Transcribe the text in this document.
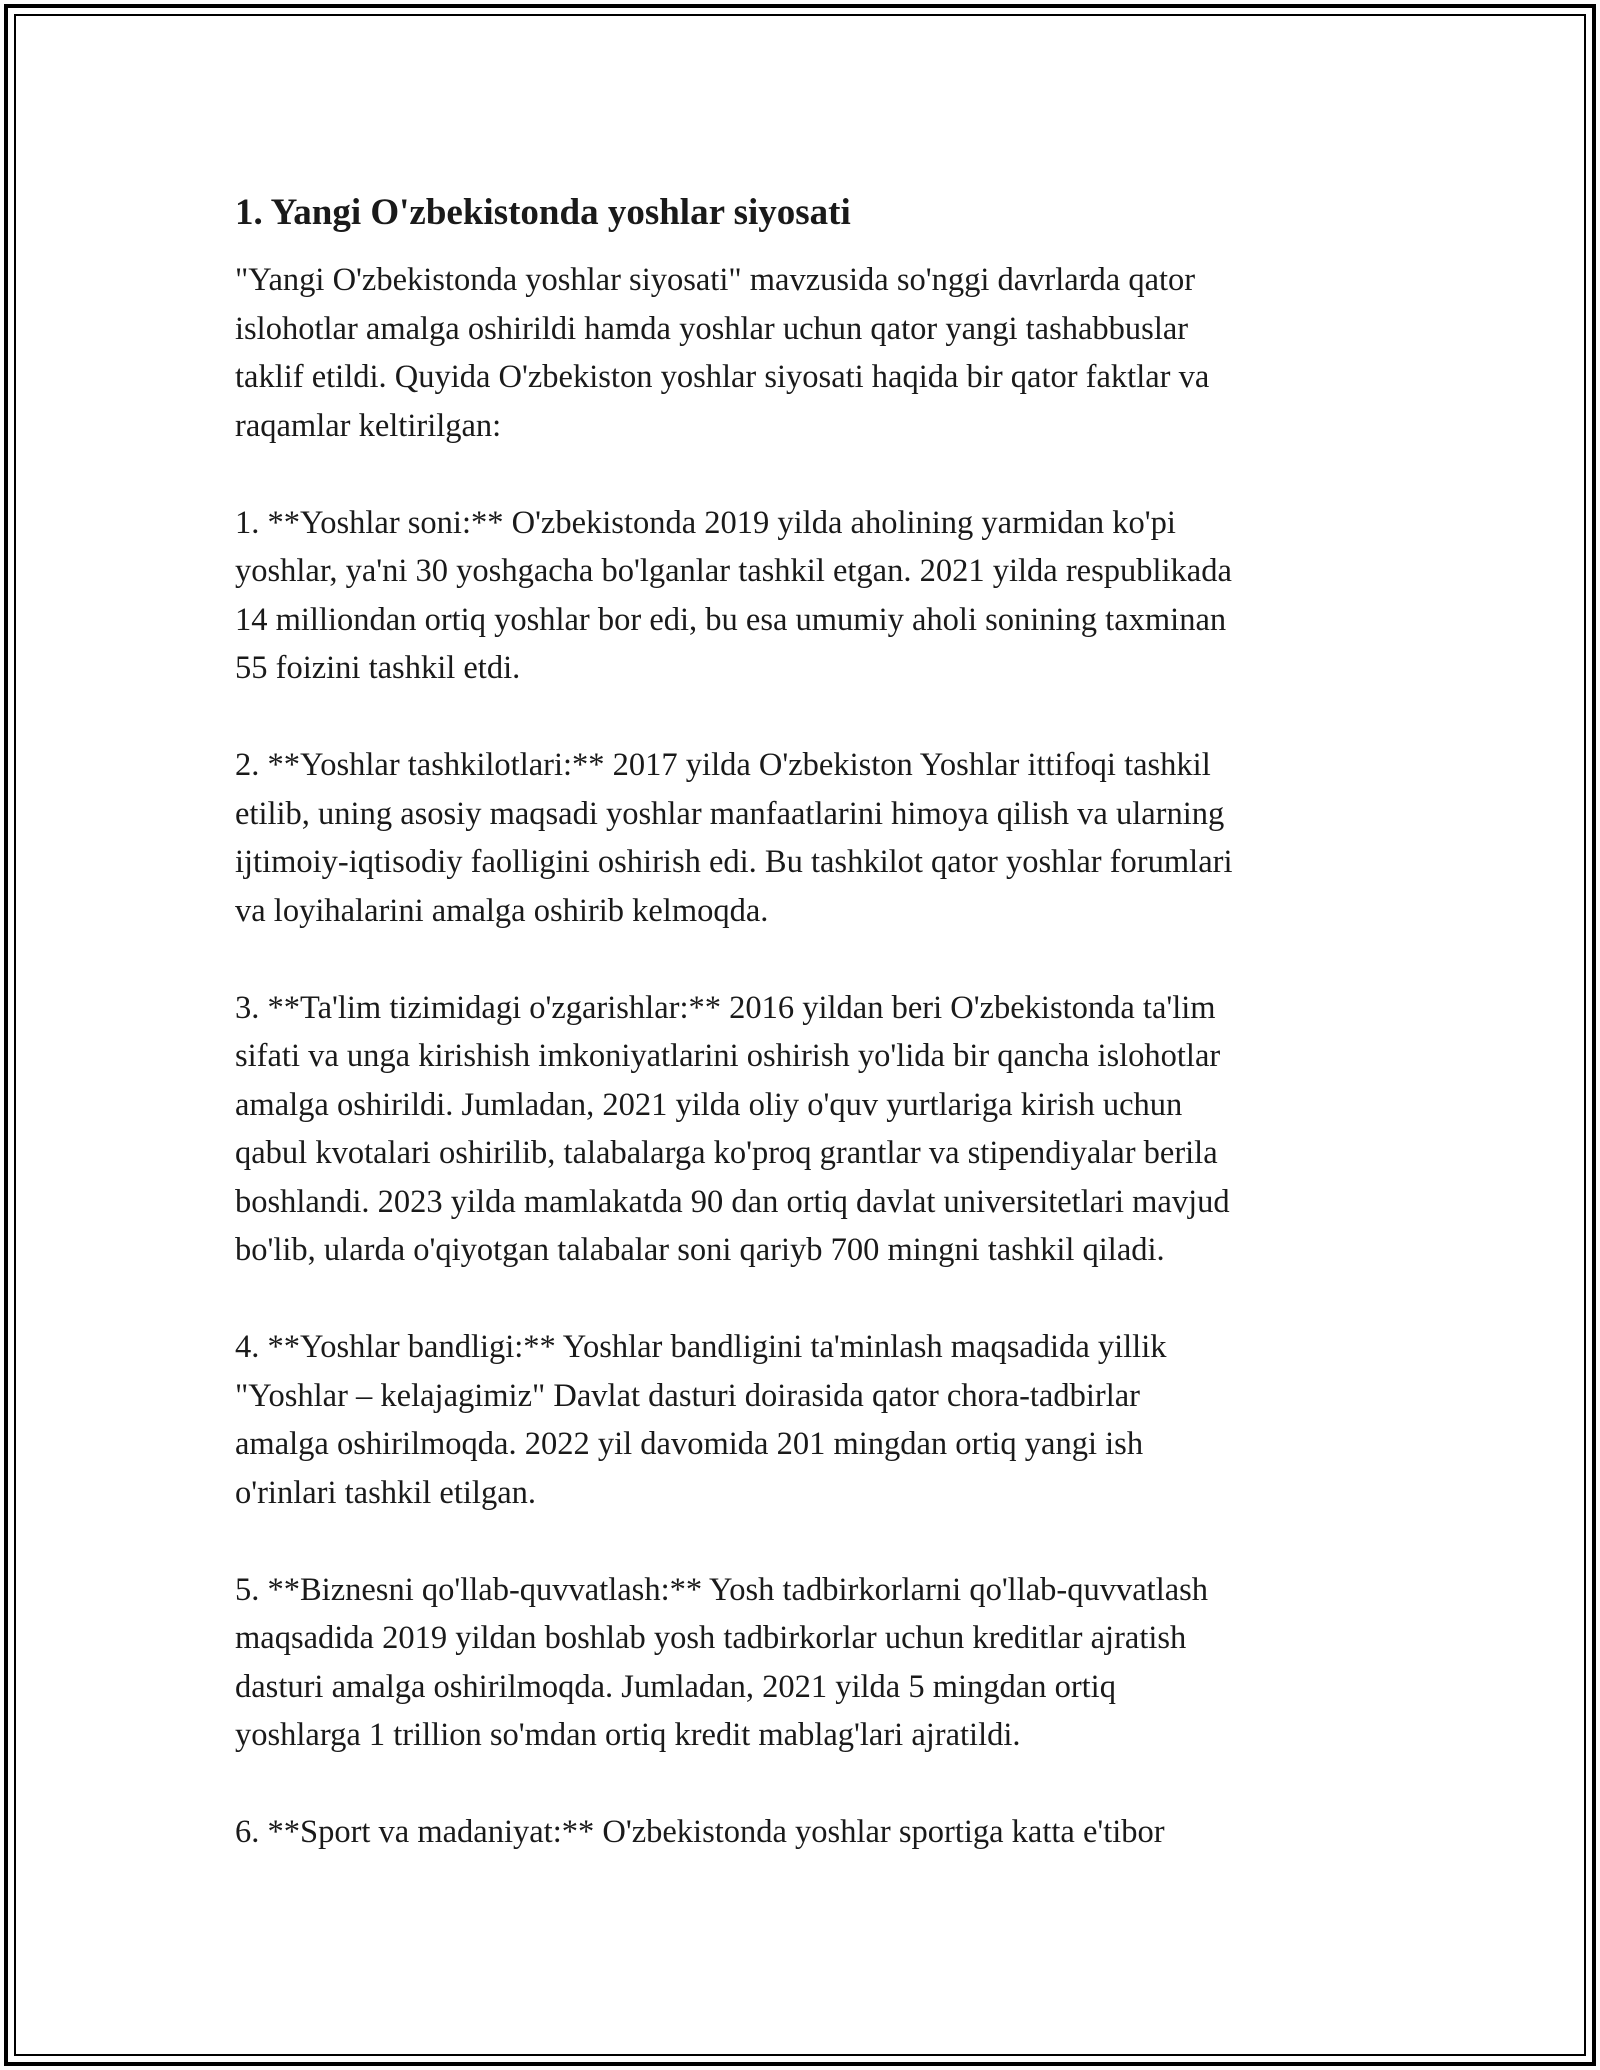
1. Yangi O'zbekistonda yoshlar siyosati
"Yangi O'zbekistonda yoshlar siyosati" mavzusida so'nggi davrlarda qator
islohotlar amalga oshirildi hamda yoshlar uchun qator yangi tashabbuslar
taklif etildi. Quyida O'zbekiston yoshlar siyosati haqida bir qator faktlar va
raqamlar keltirilgan:
1. **Yoshlar soni:** O'zbekistonda 2019 yilda aholining yarmidan ko'pi
yoshlar, ya'ni 30 yoshgacha bo'lganlar tashkil etgan. 2021 yilda respublikada
14 milliondan ortiq yoshlar bor edi, bu esa umumiy aholi sonining taxminan
55 foizini tashkil etdi.
2. **Yoshlar tashkilotlari:** 2017 yilda O'zbekiston Yoshlar ittifoqi tashkil
etilib, uning asosiy maqsadi yoshlar manfaatlarini himoya qilish va ularning
ijtimoiy-iqtisodiy faolligini oshirish edi. Bu tashkilot qator yoshlar forumlari
va loyihalarini amalga oshirib kelmoqda.
3. **Ta'lim tizimidagi o'zgarishlar:** 2016 yildan beri O'zbekistonda ta'lim
sifati va unga kirishish imkoniyatlarini oshirish yo'lida bir qancha islohotlar
amalga oshirildi. Jumladan, 2021 yilda oliy o'quv yurtlariga kirish uchun
qabul kvotalari oshirilib, talabalarga ko'proq grantlar va stipendiyalar berila
boshlandi. 2023 yilda mamlakatda 90 dan ortiq davlat universitetlari mavjud
bo'lib, ularda o'qiyotgan talabalar soni qariyb 700 mingni tashkil qiladi.
4. **Yoshlar bandligi:** Yoshlar bandligini ta'minlash maqsadida yillik
"Yoshlar – kelajagimiz" Davlat dasturi doirasida qator chora-tadbirlar
amalga oshirilmoqda. 2022 yil davomida 201 mingdan ortiq yangi ish
o'rinlari tashkil etilgan.
5. **Biznesni qo'llab-quvvatlash:** Yosh tadbirkorlarni qo'llab-quvvatlash
maqsadida 2019 yildan boshlab yosh tadbirkorlar uchun kreditlar ajratish
dasturi amalga oshirilmoqda. Jumladan, 2021 yilda 5 mingdan ortiq
yoshlarga 1 trillion so'mdan ortiq kredit mablag'lari ajratildi.
6. **Sport va madaniyat:** O'zbekistonda yoshlar sportiga katta e'tibor
